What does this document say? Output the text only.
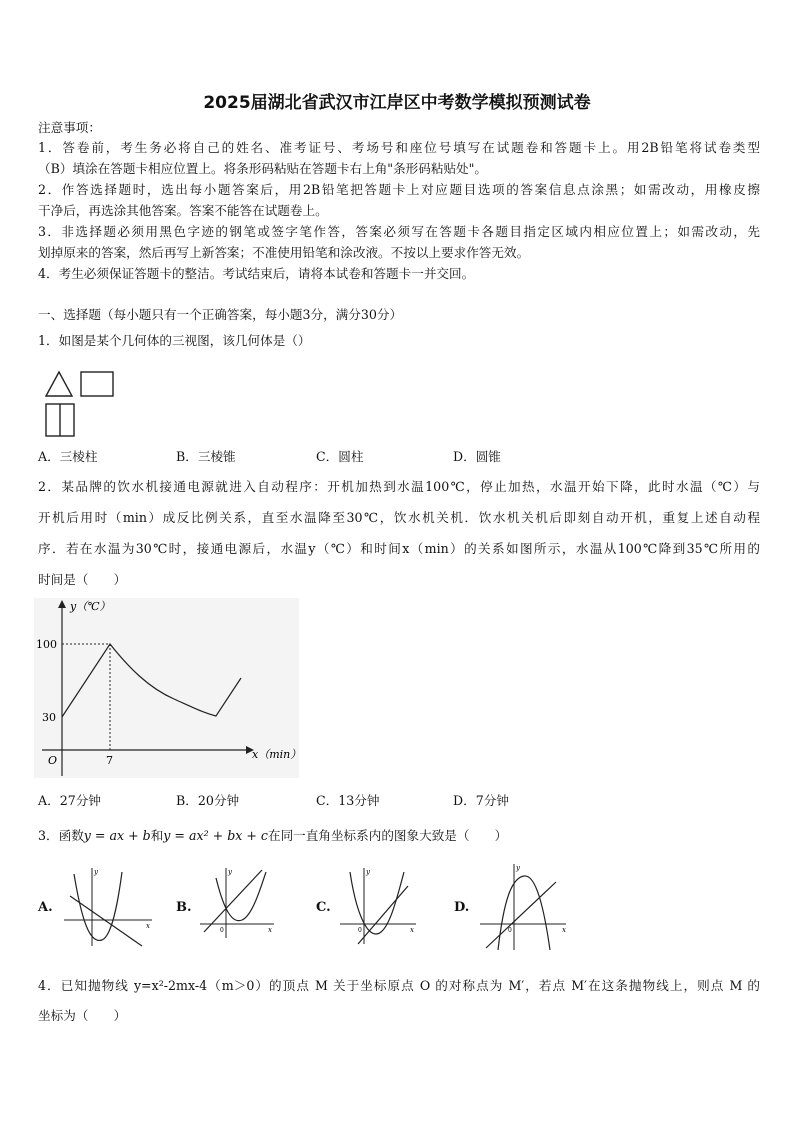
2025届湖北省武汉市江岸区中考数学模拟预测试卷
注意事项：
1．答卷前，考生务必将自己的姓名、准考证号、考场号和座位号填写在试题卷和答题卡上。用2B铅笔将试卷类型
（B）填涂在答题卡相应位置上。将条形码粘贴在答题卡右上角"条形码粘贴处"。
2．作答选择题时，选出每小题答案后，用2B铅笔把答题卡上对应题目选项的答案信息点涂黑；如需改动，用橡皮擦
干净后，再选涂其他答案。答案不能答在试题卷上。
3．非选择题必须用黑色字迹的钢笔或签字笔作答，答案必须写在答题卡各题目指定区域内相应位置上；如需改动，先
划掉原来的答案，然后再写上新答案；不准使用铅笔和涂改液。不按以上要求作答无效。
4．考生必须保证答题卡的整洁。考试结束后，请将本试卷和答题卡一并交回。
一、选择题（每小题只有一个正确答案，每小题3分，满分30分）
1．如图是某个几何体的三视图，该几何体是（）
A．三棱柱	B．三棱锥	C．圆柱	D．圆锥
2．某品牌的饮水机接通电源就进入自动程序：开机加热到水温100℃，停止加热，水温开始下降，此时水温（℃）与
开机后用时（min）成反比例关系，直至水温降至30℃，饮水机关机．饮水机关机后即刻自动开机，重复上述自动程
序．若在水温为30℃时，接通电源后，水温y（℃）和时间x（min）的关系如图所示，水温从100℃降到35℃所用的
时间是（　　）
y（℃）
100
30
O	7	x（min）
A．27分钟	B．20分钟	C．13分钟	D．7分钟
3．函数y = ax + b和y = ax² + bx + c在同一直角坐标系内的图象大致是（　　）
A.
y
x
B.
y
x
0
C.
y
x
0
D.
y
x
0
4．已知抛物线 y=x²-2mx-4（m＞0）的顶点 M 关于坐标原点 O 的对称点为 M′，若点 M′在这条抛物线上，则点 M 的
坐标为（　　）
